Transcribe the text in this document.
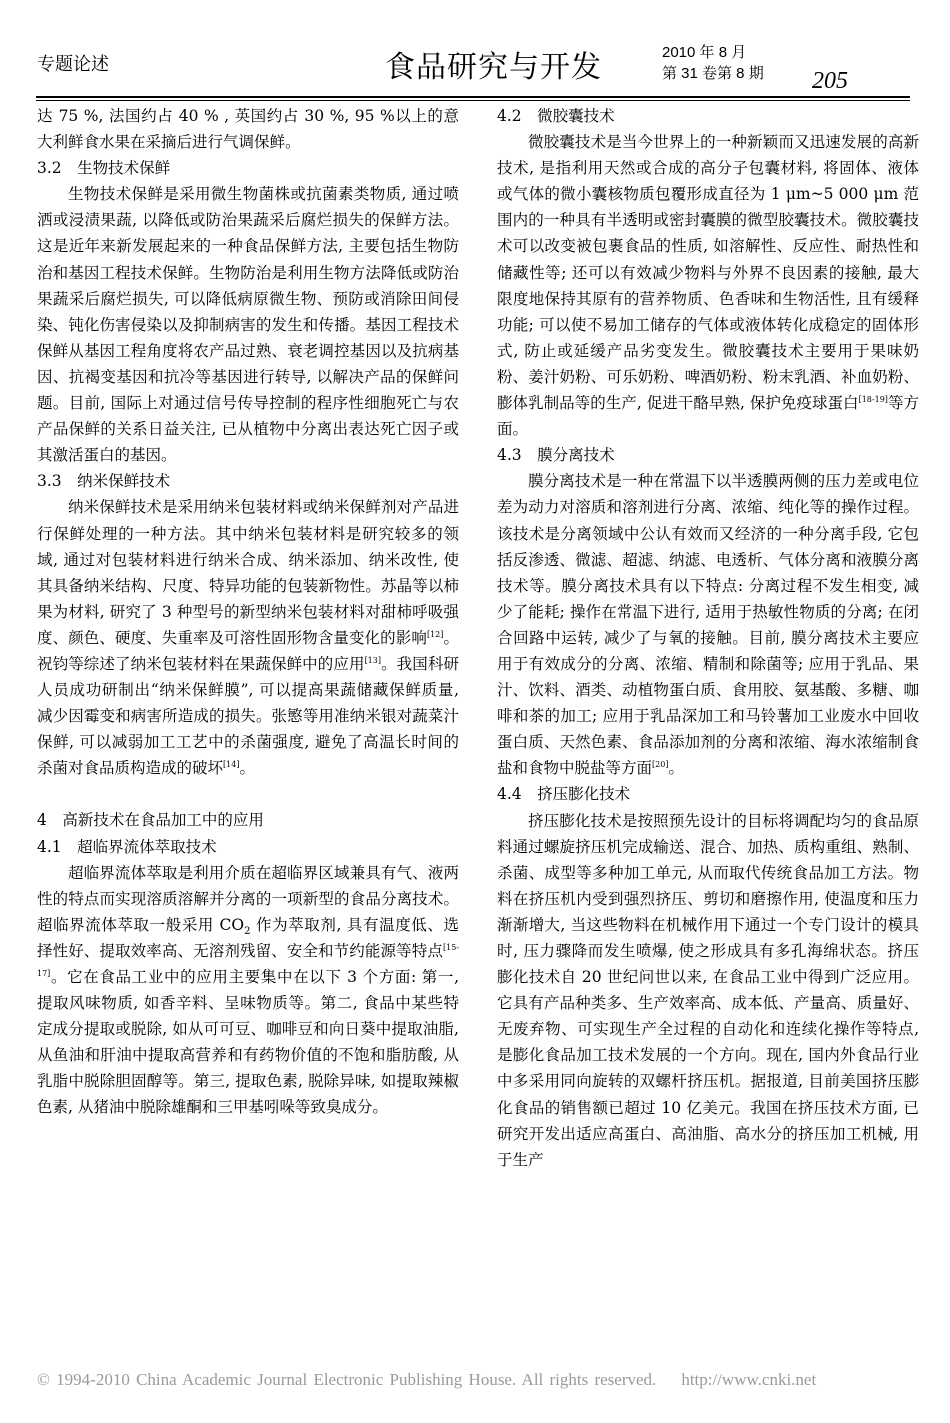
专题论述	食品研究与开发	2010 年 8 月
第 31 卷第 8 期 205

达 75 %, 法国约占 40 % , 英国约占 30 %, 95 %以上的意大利鲜食水果在采摘后进行气调保鲜。

3.2　生物技术保鲜

生物技术保鲜是采用微生物菌株或抗菌素类物质, 通过喷洒或浸渍果蔬, 以降低或防治果蔬采后腐烂损失的保鲜方法。这是近年来新发展起来的一种食品保鲜方法, 主要包括生物防治和基因工程技术保鲜。生物防治是利用生物方法降低或防治果蔬采后腐烂损失, 可以降低病原微生物、预防或消除田间侵染、钝化伤害侵染以及抑制病害的发生和传播。基因工程技术保鲜从基因工程角度将农产品过熟、衰老调控基因以及抗病基因、抗褐变基因和抗冷等基因进行转导, 以解决产品的保鲜问题。目前, 国际上对通过信号传导控制的程序性细胞死亡与农产品保鲜的关系日益关注, 已从植物中分离出表达死亡因子或其激活蛋白的基因。

3.3　纳米保鲜技术

纳米保鲜技术是采用纳米包装材料或纳米保鲜剂对产品进行保鲜处理的一种方法。其中纳米包装材料是研究较多的领域, 通过对包装材料进行纳米合成、纳米添加、纳米改性, 使其具备纳米结构、尺度、特异功能的包装新物性。苏晶等以柿果为材料, 研究了 3 种型号的新型纳米包装材料对甜柿呼吸强度、颜色、硬度、失重率及可溶性固形物含量变化的影响[12]。祝钧等综述了纳米包装材料在果蔬保鲜中的应用[13]。我国科研人员成功研制出“纳米保鲜膜”, 可以提高果蔬储藏保鲜质量, 减少因霉变和病害所造成的损失。张慜等用准纳米银对蔬菜汁保鲜, 可以减弱加工工艺中的杀菌强度, 避免了高温长时间的杀菌对食品质构造成的破坏[14]。

4　高新技术在食品加工中的应用

4.1　超临界流体萃取技术

超临界流体萃取是利用介质在超临界区域兼具有气、液两性的特点而实现溶质溶解并分离的一项新型的食品分离技术。超临界流体萃取一般采用 $CO_2$ 作为萃取剂, 具有温度低、选择性好、提取效率高、无溶剂残留、安全和节约能源等特点[15-17]。它在食品工业中的应用主要集中在以下 3 个方面: 第一, 提取风味物质, 如香辛料、呈味物质等。第二, 食品中某些特定成分提取或脱除, 如从可可豆、咖啡豆和向日葵中提取油脂, 从鱼油和肝油中提取高营养和有药物价值的不饱和脂肪酸, 从乳脂中脱除胆固醇等。第三, 提取色素, 脱除异味, 如提取辣椒色素, 从猪油中脱除雄酮和三甲基吲哚等致臭成分。

4.2　微胶囊技术

微胶囊技术是当今世界上的一种新颖而又迅速发展的高新技术, 是指利用天然或合成的高分子包囊材料, 将固体、液体或气体的微小囊核物质包覆形成直径为 1 μm~5 000 μm 范围内的一种具有半透明或密封囊膜的微型胶囊技术。微胶囊技术可以改变被包裹食品的性质, 如溶解性、反应性、耐热性和储藏性等; 还可以有效减少物料与外界不良因素的接触, 最大限度地保持其原有的营养物质、色香味和生物活性, 且有缓释功能; 可以使不易加工储存的气体或液体转化成稳定的固体形式, 防止或延缓产品劣变发生。微胶囊技术主要用于果味奶粉、姜汁奶粉、可乐奶粉、啤酒奶粉、粉末乳酒、补血奶粉、膨体乳制品等的生产, 促进干酪早熟, 保护免疫球蛋白[18-19]等方面。

4.3　膜分离技术

膜分离技术是一种在常温下以半透膜两侧的压力差或电位差为动力对溶质和溶剂进行分离、浓缩、纯化等的操作过程。该技术是分离领域中公认有效而又经济的一种分离手段, 它包括反渗透、微滤、超滤、纳滤、电透析、气体分离和液膜分离技术等。膜分离技术具有以下特点: 分离过程不发生相变, 减少了能耗; 操作在常温下进行, 适用于热敏性物质的分离; 在闭合回路中运转, 减少了与氧的接触。目前, 膜分离技术主要应用于有效成分的分离、浓缩、精制和除菌等; 应用于乳品、果汁、饮料、酒类、动植物蛋白质、食用胶、氨基酸、多糖、咖啡和茶的加工; 应用于乳品深加工和马铃薯加工业废水中回收蛋白质、天然色素、食品添加剂的分离和浓缩、海水浓缩制食盐和食物中脱盐等方面[20]。

4.4　挤压膨化技术

挤压膨化技术是按照预先设计的目标将调配均匀的食品原料通过螺旋挤压机完成输送、混合、加热、质构重组、熟制、杀菌、成型等多种加工单元, 从而取代传统食品加工方法。物料在挤压机内受到强烈挤压、剪切和磨擦作用, 使温度和压力渐渐增大, 当这些物料在机械作用下通过一个专门设计的模具时, 压力骤降而发生喷爆, 使之形成具有多孔海绵状态。挤压膨化技术自 20 世纪问世以来, 在食品工业中得到广泛应用。它具有产品种类多、生产效率高、成本低、产量高、质量好、无废弃物、可实现生产全过程的自动化和连续化操作等特点, 是膨化食品加工技术发展的一个方向。现在, 国内外食品行业中多采用同向旋转的双螺杆挤压机。据报道, 目前美国挤压膨化食品的销售额已超过 10 亿美元。我国在挤压技术方面, 已研究开发出适应高蛋白、高油脂、高水分的挤压加工机械, 用于生产

© 1994-2010 China Academic Journal Electronic Publishing House. All rights reserved. http://www.cnki.net
